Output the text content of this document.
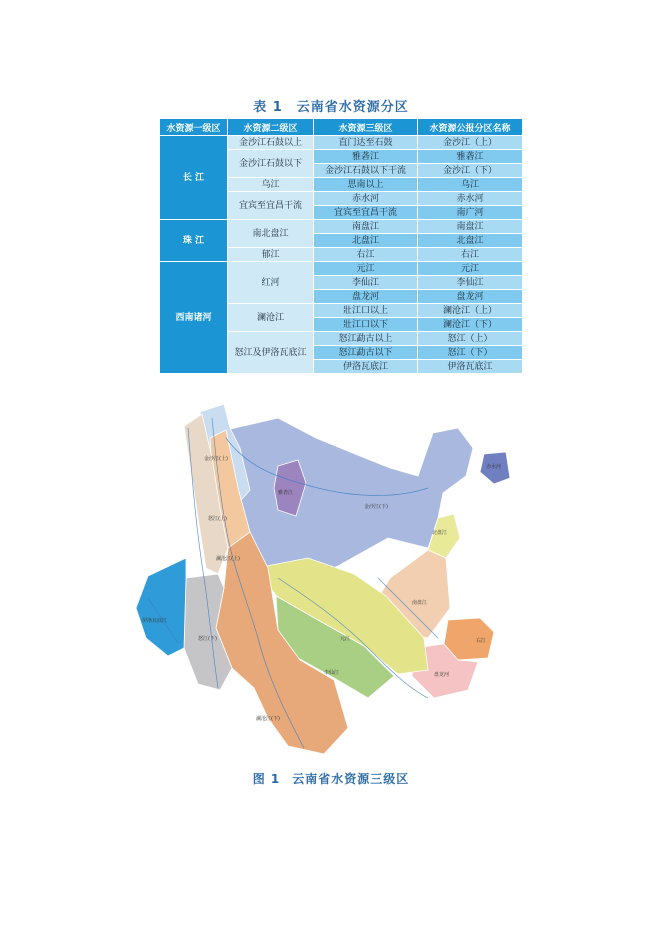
表 1 云南省水资源分区
水资源一级区	水资源二级区	水资源三级区	水资源公报分区名称
长 江	金沙江石鼓以上	直门达至石鼓	金沙江（上）
	金沙江石鼓以下	雅砻江	雅砻江
		金沙江石鼓以下干流	金沙江（下）
	乌江	思南以上	乌江
	宜宾至宜昌干流	赤水河	赤水河
		宜宾至宜昌干流	南广河
珠 江	南北盘江	南盘江	南盘江
		北盘江	北盘江
	郁江	右江	右江
西南诸河	红河	元江	元江
		李仙江	李仙江
		盘龙河	盘龙河
	澜沧江	壯江口以上	澜沧江（上）
		壯江口以下	澜沧江（下）
	怒江及伊洛瓦底江	怒江勐古以上	怒江（上）
		怒江勐古以下	怒江（下）
		伊洛瓦底江	伊洛瓦底江
金沙江(上)
雅砻江
金沙江(下)
赤水河
北盘江
南盘江
怒江(上)
怒江(下)
澜沧江(上)
澜沧江(下)
伊洛瓦底江
元江
李仙江	盘龙河
右江
图 1 云南省水资源三级区
